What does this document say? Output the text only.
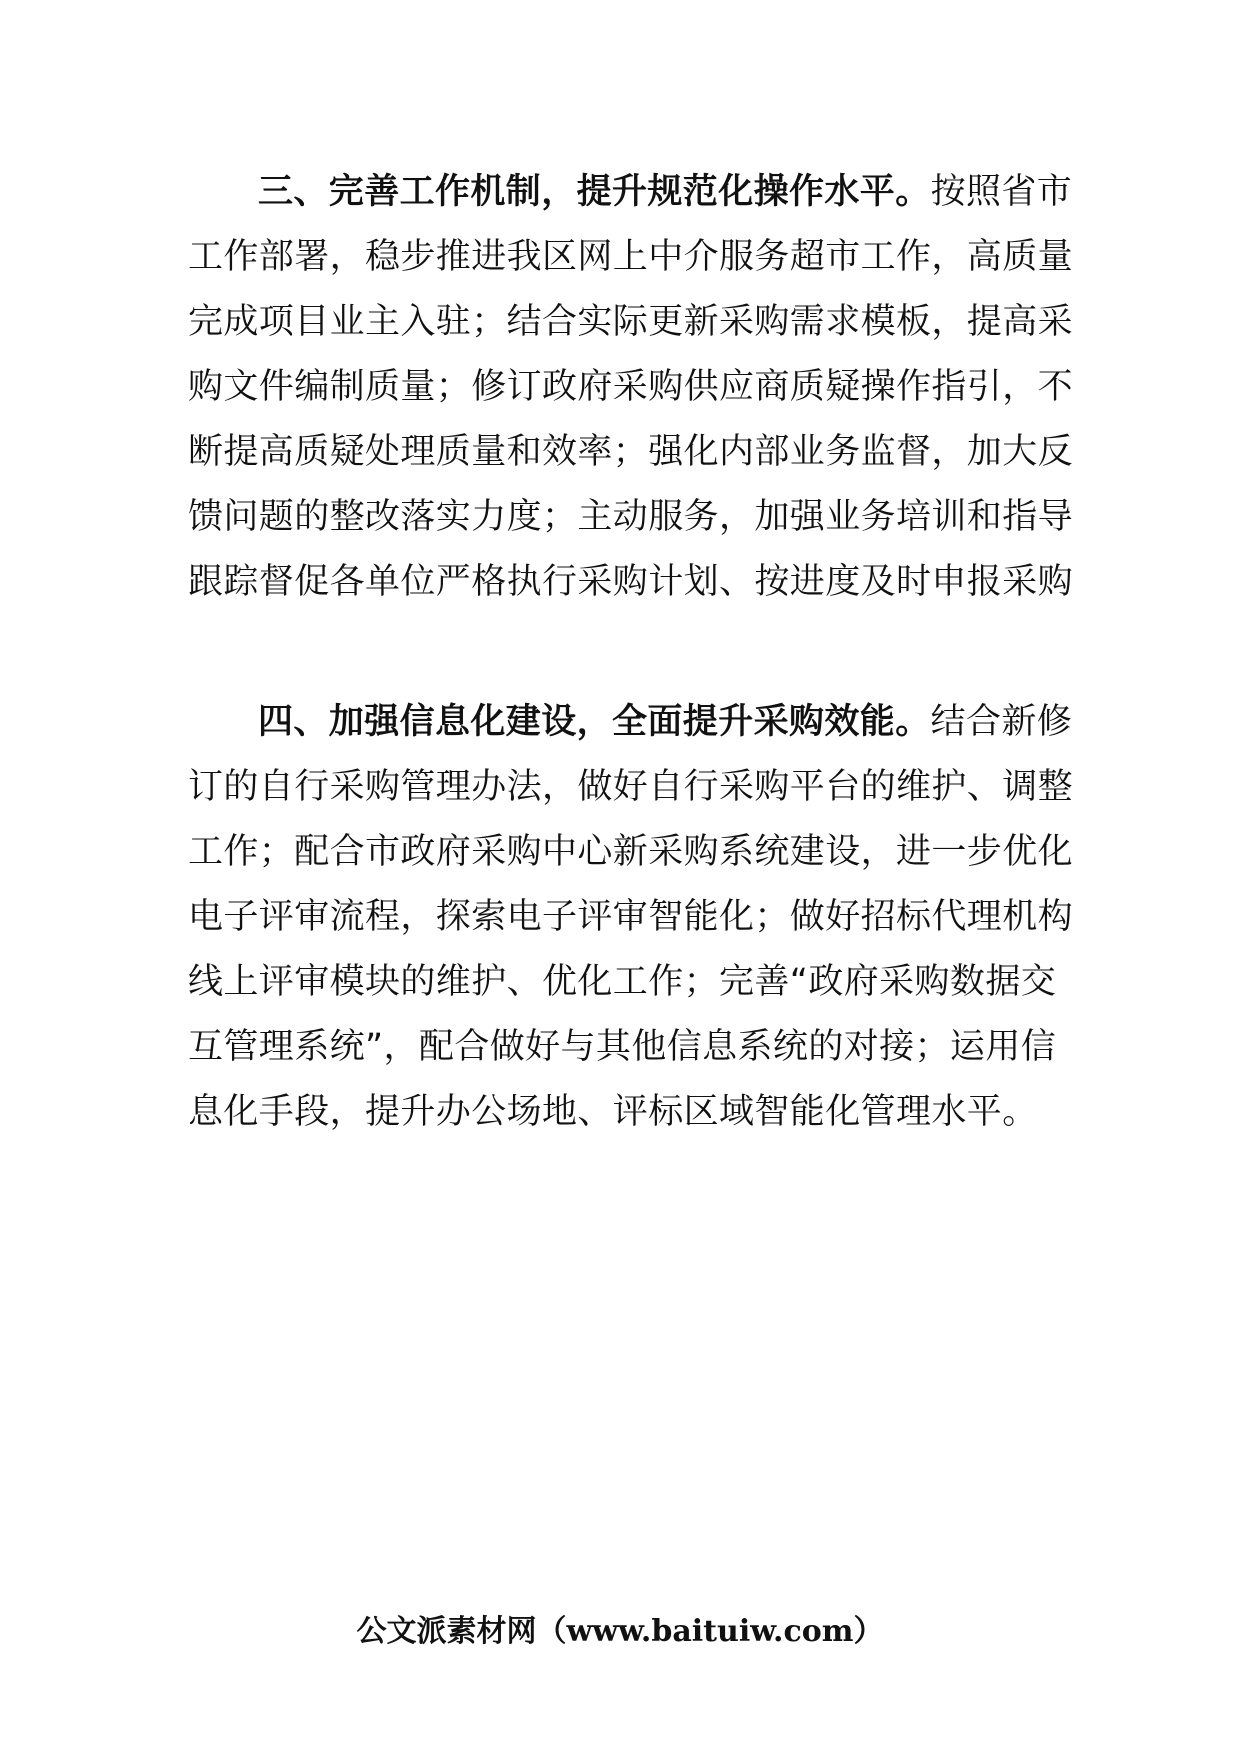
三、完善工作机制，提升规范化操作水平。按照省市
工作部署，稳步推进我区网上中介服务超市工作，高质量
完成项目业主入驻；结合实际更新采购需求模板，提高采
购文件编制质量；修订政府采购供应商质疑操作指引，不
断提高质疑处理质量和效率；强化内部业务监督，加大反
馈问题的整改落实力度；主动服务，加强业务培训和指导
跟踪督促各单位严格执行采购计划、按进度及时申报采购
四、加强信息化建设，全面提升采购效能。结合新修
订的自行采购管理办法，做好自行采购平台的维护、调整
工作；配合市政府采购中心新采购系统建设，进一步优化
电子评审流程，探索电子评审智能化；做好招标代理机构
线上评审模块的维护、优化工作；完善“政府采购数据交
互管理系统”，配合做好与其他信息系统的对接；运用信
息化手段，提升办公场地、评标区域智能化管理水平。
公文派素材网（www.baituiw.com）
